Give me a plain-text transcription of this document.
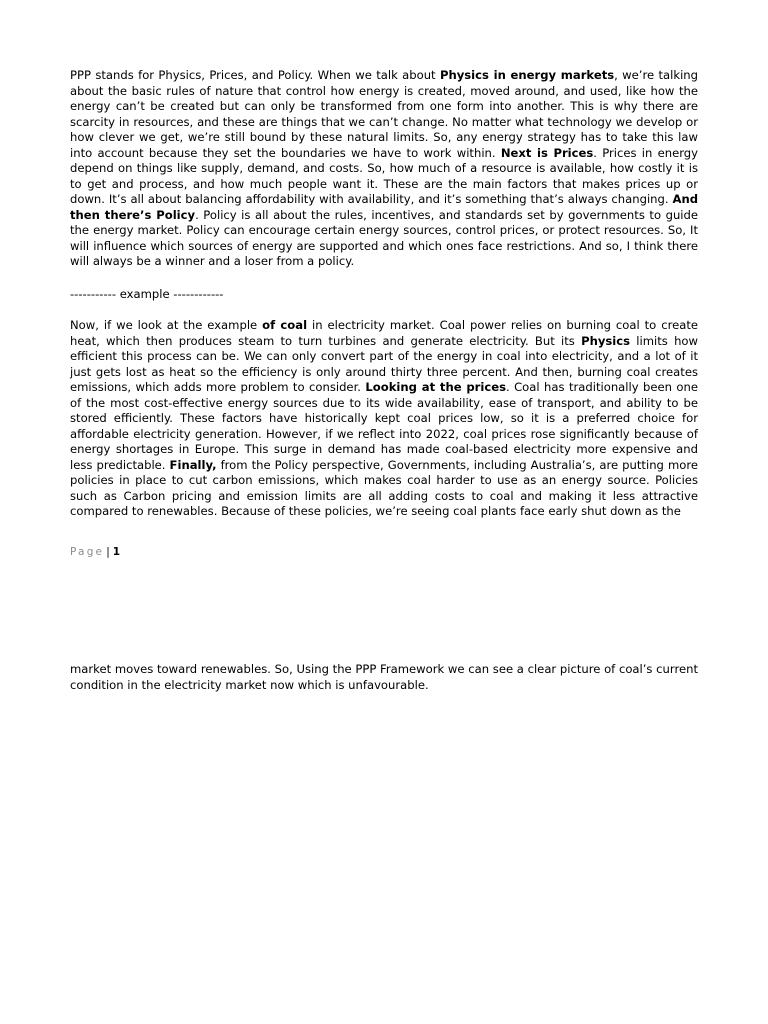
PPP stands for Physics, Prices, and Policy. When we talk about Physics in energy markets, we’re talking about the basic rules of nature that control how energy is created, moved around, and used, like how the energy can’t be created but can only be transformed from one form into another. This is why there are scarcity in resources, and these are things that we can’t change. No matter what technology we develop or how clever we get, we’re still bound by these natural limits. So, any energy strategy has to take this law into account because they set the boundaries we have to work within. Next is Prices. Prices in energy depend on things like supply, demand, and costs. So, how much of a resource is available, how costly it is to get and process, and how much people want it. These are the main factors that makes prices up or down. It’s all about balancing affordability with availability, and it’s something that’s always changing. And then there’s Policy. Policy is all about the rules, incentives, and standards set by governments to guide the energy market. Policy can encourage certain energy sources, control prices, or protect resources. So, It will influence which sources of energy are supported and which ones face restrictions. And so, I think there will always be a winner and a loser from a policy.

----------- example ------------

Now, if we look at the example of coal in electricity market. Coal power relies on burning coal to create heat, which then produces steam to turn turbines and generate electricity. But its Physics limits how efficient this process can be. We can only convert part of the energy in coal into electricity, and a lot of it just gets lost as heat so the efficiency is only around thirty three percent. And then, burning coal creates emissions, which adds more problem to consider. Looking at the prices. Coal has traditionally been one of the most cost-effective energy sources due to its wide availability, ease of transport, and ability to be stored efficiently. These factors have historically kept coal prices low, so it is a preferred choice for affordable electricity generation. However, if we reflect into 2022, coal prices rose significantly because of energy shortages in Europe. This surge in demand has made coal-based electricity more expensive and less predictable. Finally, from the Policy perspective, Governments, including Australia’s, are putting more policies in place to cut carbon emissions, which makes coal harder to use as an energy source. Policies such as Carbon pricing and emission limits are all adding costs to coal and making it less attractive compared to renewables. Because of these policies, we’re seeing coal plants face early shut down as the

Page | 1

market moves toward renewables. So, Using the PPP Framework we can see a clear picture of coal’s current condition in the electricity market now which is unfavourable.
